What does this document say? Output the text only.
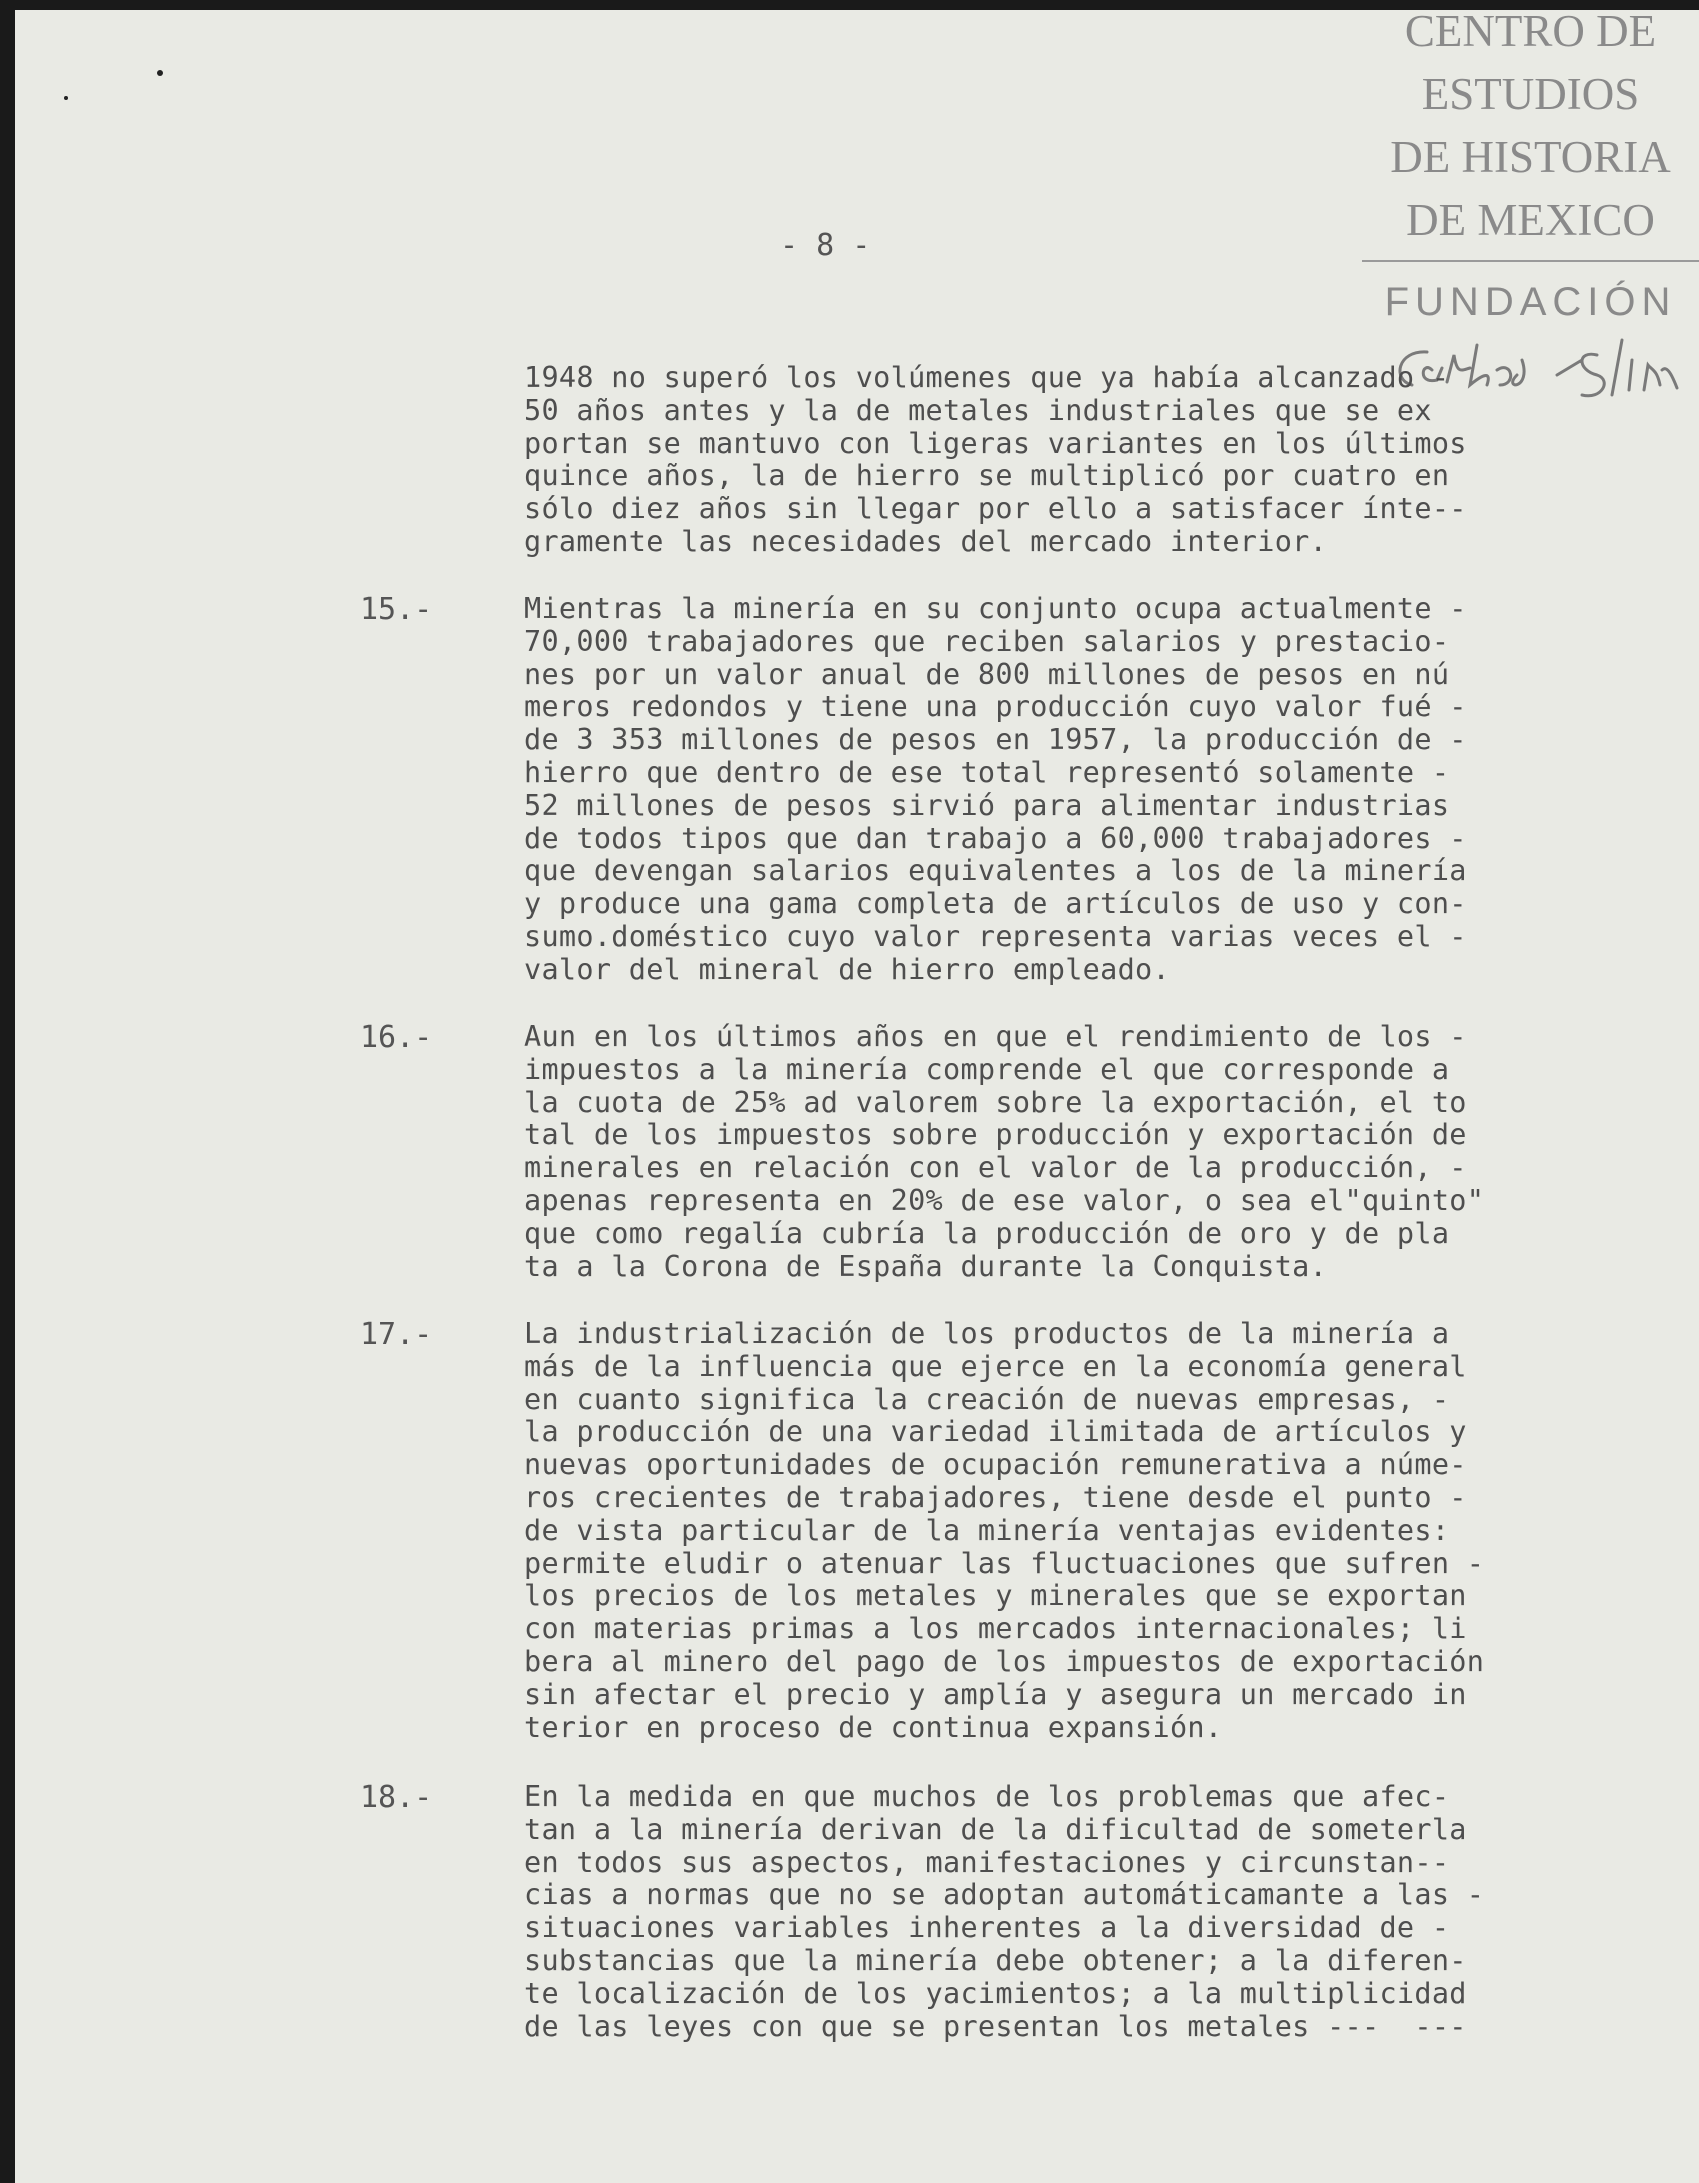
CENTRO DE
ESTUDIOS
DE HISTORIA
DE MEXICO
FUNDACIÓN
- 8 -

1948 no superó los volúmenes que ya había alcanzado -
50 años antes y la de metales industriales que se ex
portan se mantuvo con ligeras variantes en los últimos
quince años, la de hierro se multiplicó por cuatro en
sólo diez años sin llegar por ello a satisfacer ínte--
gramente las necesidades del mercado interior.

15.-	Mientras la minería en su conjunto ocupa actualmente -
70,000 trabajadores que reciben salarios y prestacio-
nes por un valor anual de 800 millones de pesos en nú
meros redondos y tiene una producción cuyo valor fué -
de 3 353 millones de pesos en 1957, la producción de -
hierro que dentro de ese total representó solamente -
52 millones de pesos sirvió para alimentar industrias
de todos tipos que dan trabajo a 60,000 trabajadores -
que devengan salarios equivalentes a los de la minería
y produce una gama completa de artículos de uso y con-
sumo.doméstico cuyo valor representa varias veces el -
valor del mineral de hierro empleado.

16.-	Aun en los últimos años en que el rendimiento de los -
impuestos a la minería comprende el que corresponde a
la cuota de 25% ad valorem sobre la exportación, el to
tal de los impuestos sobre producción y exportación de
minerales en relación con el valor de la producción, -
apenas representa en 20% de ese valor, o sea el"quinto"
que como regalía cubría la producción de oro y de pla
ta a la Corona de España durante la Conquista.

17.-	La industrialización de los productos de la minería a
más de la influencia que ejerce en la economía general
en cuanto significa la creación de nuevas empresas, -
la producción de una variedad ilimitada de artículos y
nuevas oportunidades de ocupación remunerativa a núme-
ros crecientes de trabajadores, tiene desde el punto -
de vista particular de la minería ventajas evidentes:
permite eludir o atenuar las fluctuaciones que sufren -
los precios de los metales y minerales que se exportan
con materias primas a los mercados internacionales; li
bera al minero del pago de los impuestos de exportación
sin afectar el precio y amplía y asegura un mercado in
terior en proceso de continua expansión.

18.-	En la medida en que muchos de los problemas que afec-
tan a la minería derivan de la dificultad de someterla
en todos sus aspectos, manifestaciones y circunstan--
cias a normas que no se adoptan automáticamante a las -
situaciones variables inherentes a la diversidad de -
substancias que la minería debe obtener; a la diferen-
te localización de los yacimientos; a la multiplicidad
de las leyes con que se presentan los metales ---  ---
